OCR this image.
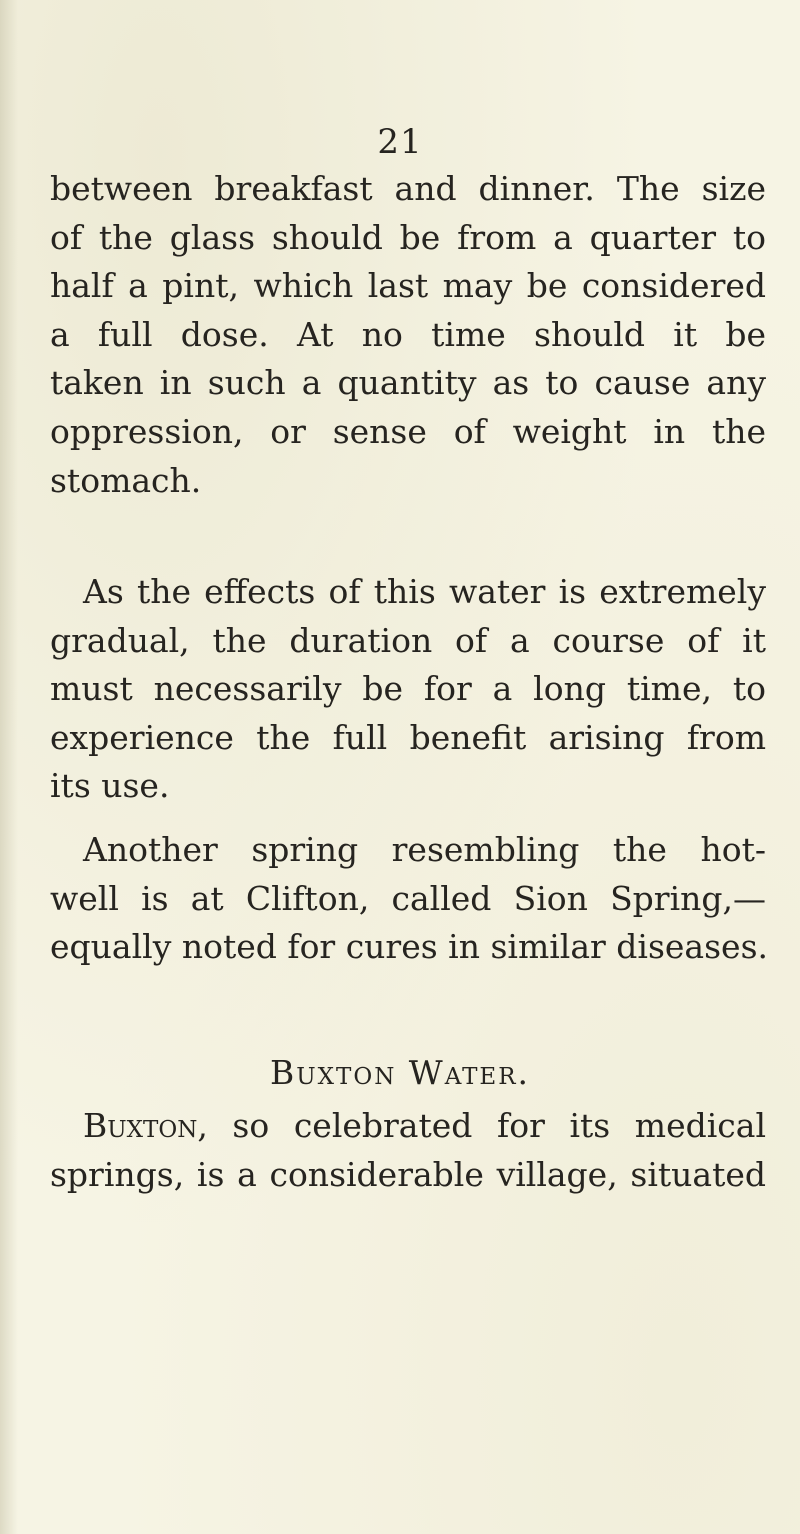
21
between breakfast and dinner. The size
of the glass should be from a quarter to
half a pint, which last may be considered
a full dose. At no time should it be
taken in such a quantity as to cause any
oppression, or sense of weight in the
stomach.
As the effects of this water is extremely
gradual, the duration of a course of it
must necessarily be for a long time, to
experience the full benefit arising from
its use.
Another spring resembling the hot-
well is at Clifton, called Sion Spring,—
equally noted for cures in similar diseases.
Buxton Water.
Buxton, so celebrated for its medical
springs, is a considerable village, situated
